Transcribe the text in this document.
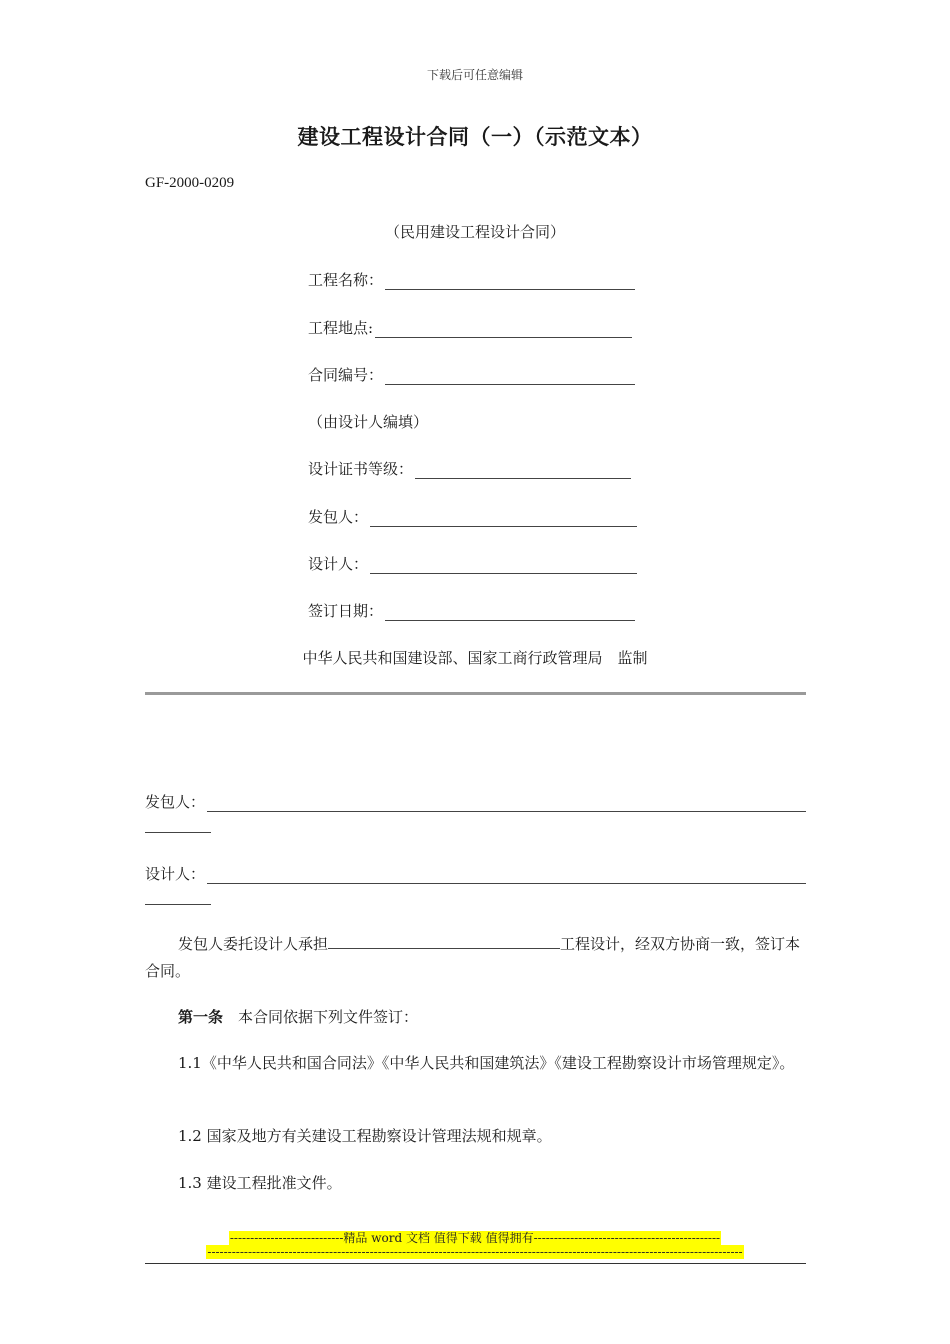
下载后可任意编辑
建设工程设计合同（一）（示范文本）
GF-2000-0209
（民用建设工程设计合同）
工程名称：
工程地点:
合同编号：
（由设计人编填）
设计证书等级：
发包人：
设计人：
签订日期：
中华人民共和国建设部、国家工商行政管理局　监制
发包人：
设计人：
发包人委托设计人承担	工程设计，经双方协商一致，签订本合同。
第一条　 本合同依据下列文件签订：
1.1《中华人民共和国合同法》《中华人民共和国建筑法》《建设工程勘察设计市场管理规定》。
1.2 国家及地方有关建设工程勘察设计管理法规和规章。
1.3 建设工程批准文件。
----------------------------精品 word 文档 值得下载 值得拥有----------------------------------------------
------------------------------------------------------------------------------------------------------------------------------------
